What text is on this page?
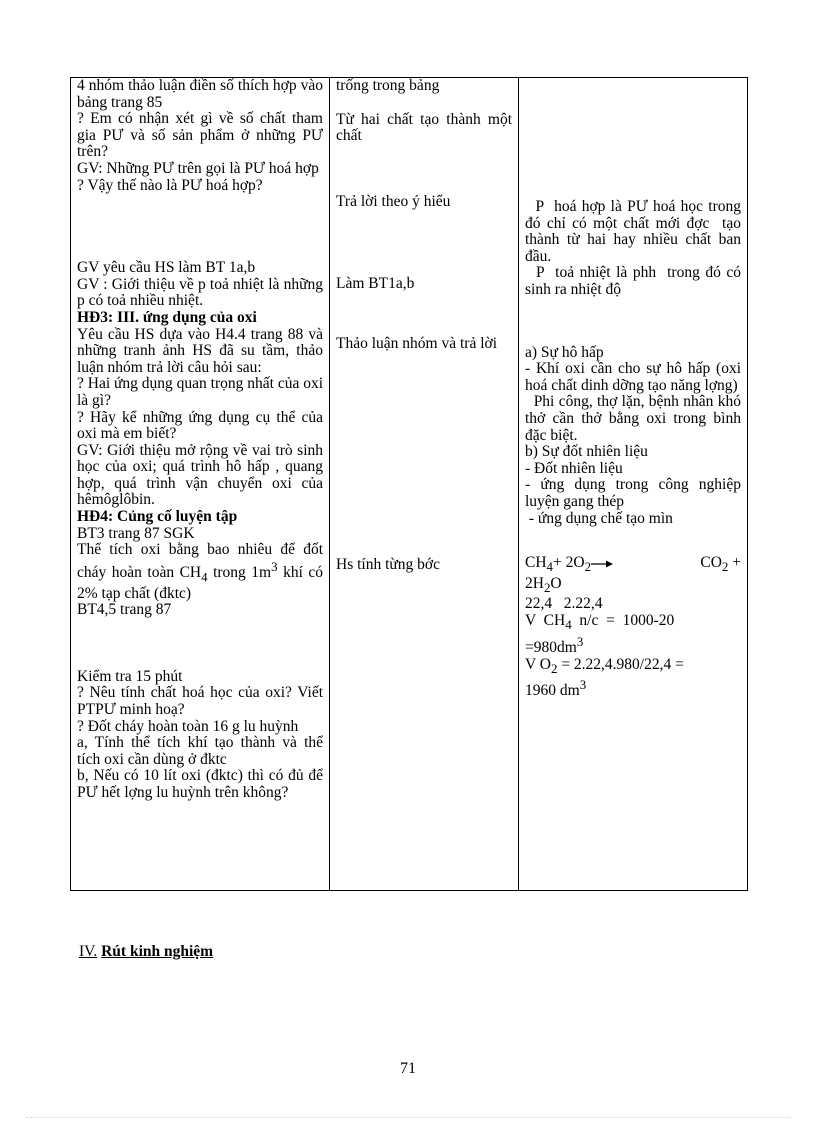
4 nhóm thảo luận điền số thích hợp vào bảng trang 85
? Em có nhận xét gì về số chất tham gia PƯ và số sản phẩm ở những PƯ trên?
GV: Những PƯ trên gọi là PƯ hoá hợp
? Vậy thế nào là PƯ hoá hợp?
GV yêu cầu HS làm BT 1a,b
GV : Giới thiệu về p toả nhiệt là những p có toả nhiều nhiệt.
HĐ3: III. ứng dụng của oxi
Yêu cầu HS dựa vào H4.4 trang 88 và những tranh ảnh HS đã su tầm, thảo luận nhóm trả lời câu hỏi sau:
? Hai ứng dụng quan trọng nhất của oxi là gì?
? Hãy kể những ứng dụng cụ thể của oxi mà em biết?
GV: Giới thiệu mở rộng về vai trò sinh học của oxi; quá trình hô hấp , quang hợp, quá trình vận chuyển oxi của hêmôglôbin.
HĐ4: Củng cố luyện tập
BT3 trang 87 SGK
Thể tích oxi bằng bao nhiêu để đốt cháy hoàn toàn $CH_4$ trong $1m^3$ khí có 2% tạp chất (đktc)
BT4,5 trang 87
Kiểm tra 15 phút
? Nêu tính chất hoá học của oxi? Viết PTPƯ minh hoạ?
? Đốt cháy hoàn toàn 16 g lu huỳnh
a, Tính thể tích khí tạo thành và thể tích oxi cần dùng ở đktc
b, Nếu có 10 lít oxi (đktc) thì có đủ để PƯ hết lợng lu huỳnh trên không?

trống trong bảng
Từ hai chất tạo thành một chất
Trả lời theo ý hiểu
Làm BT1a,b
Thảo luận nhóm và trả lời
Hs tính từng bớc

P  hoá hợp là PƯ hoá học trong đó chỉ có một chất mới đợc  tạo thành từ hai hay nhiều chất ban đầu.
P  toả nhiệt là phh  trong đó có sinh ra nhiệt độ
a) Sự hô hấp
- Khí oxi cần cho sự hô hấp (oxi hoá chất dinh dỡng tạo năng lợng)
Phi công, thợ lặn, bệnh nhân khó thở cần thở bằng oxi trong bình đặc biệt.
b) Sự đốt nhiên liệu
- Đốt nhiên liệu
- ứng dụng trong công nghiệp luyện gang thép
- ứng dụng chế tạo mìn
$CH_4+ 2O_2$	$CO_2$ +
$2H_2O$
22,4   2.22,4
V  $CH_4$  n/c  =  1000-20
$=980dm^3$
V $O_2 = 2.22,4.980/22,4$ =
1960 $dm^3$
IV. Rút kinh nghiệm
71
